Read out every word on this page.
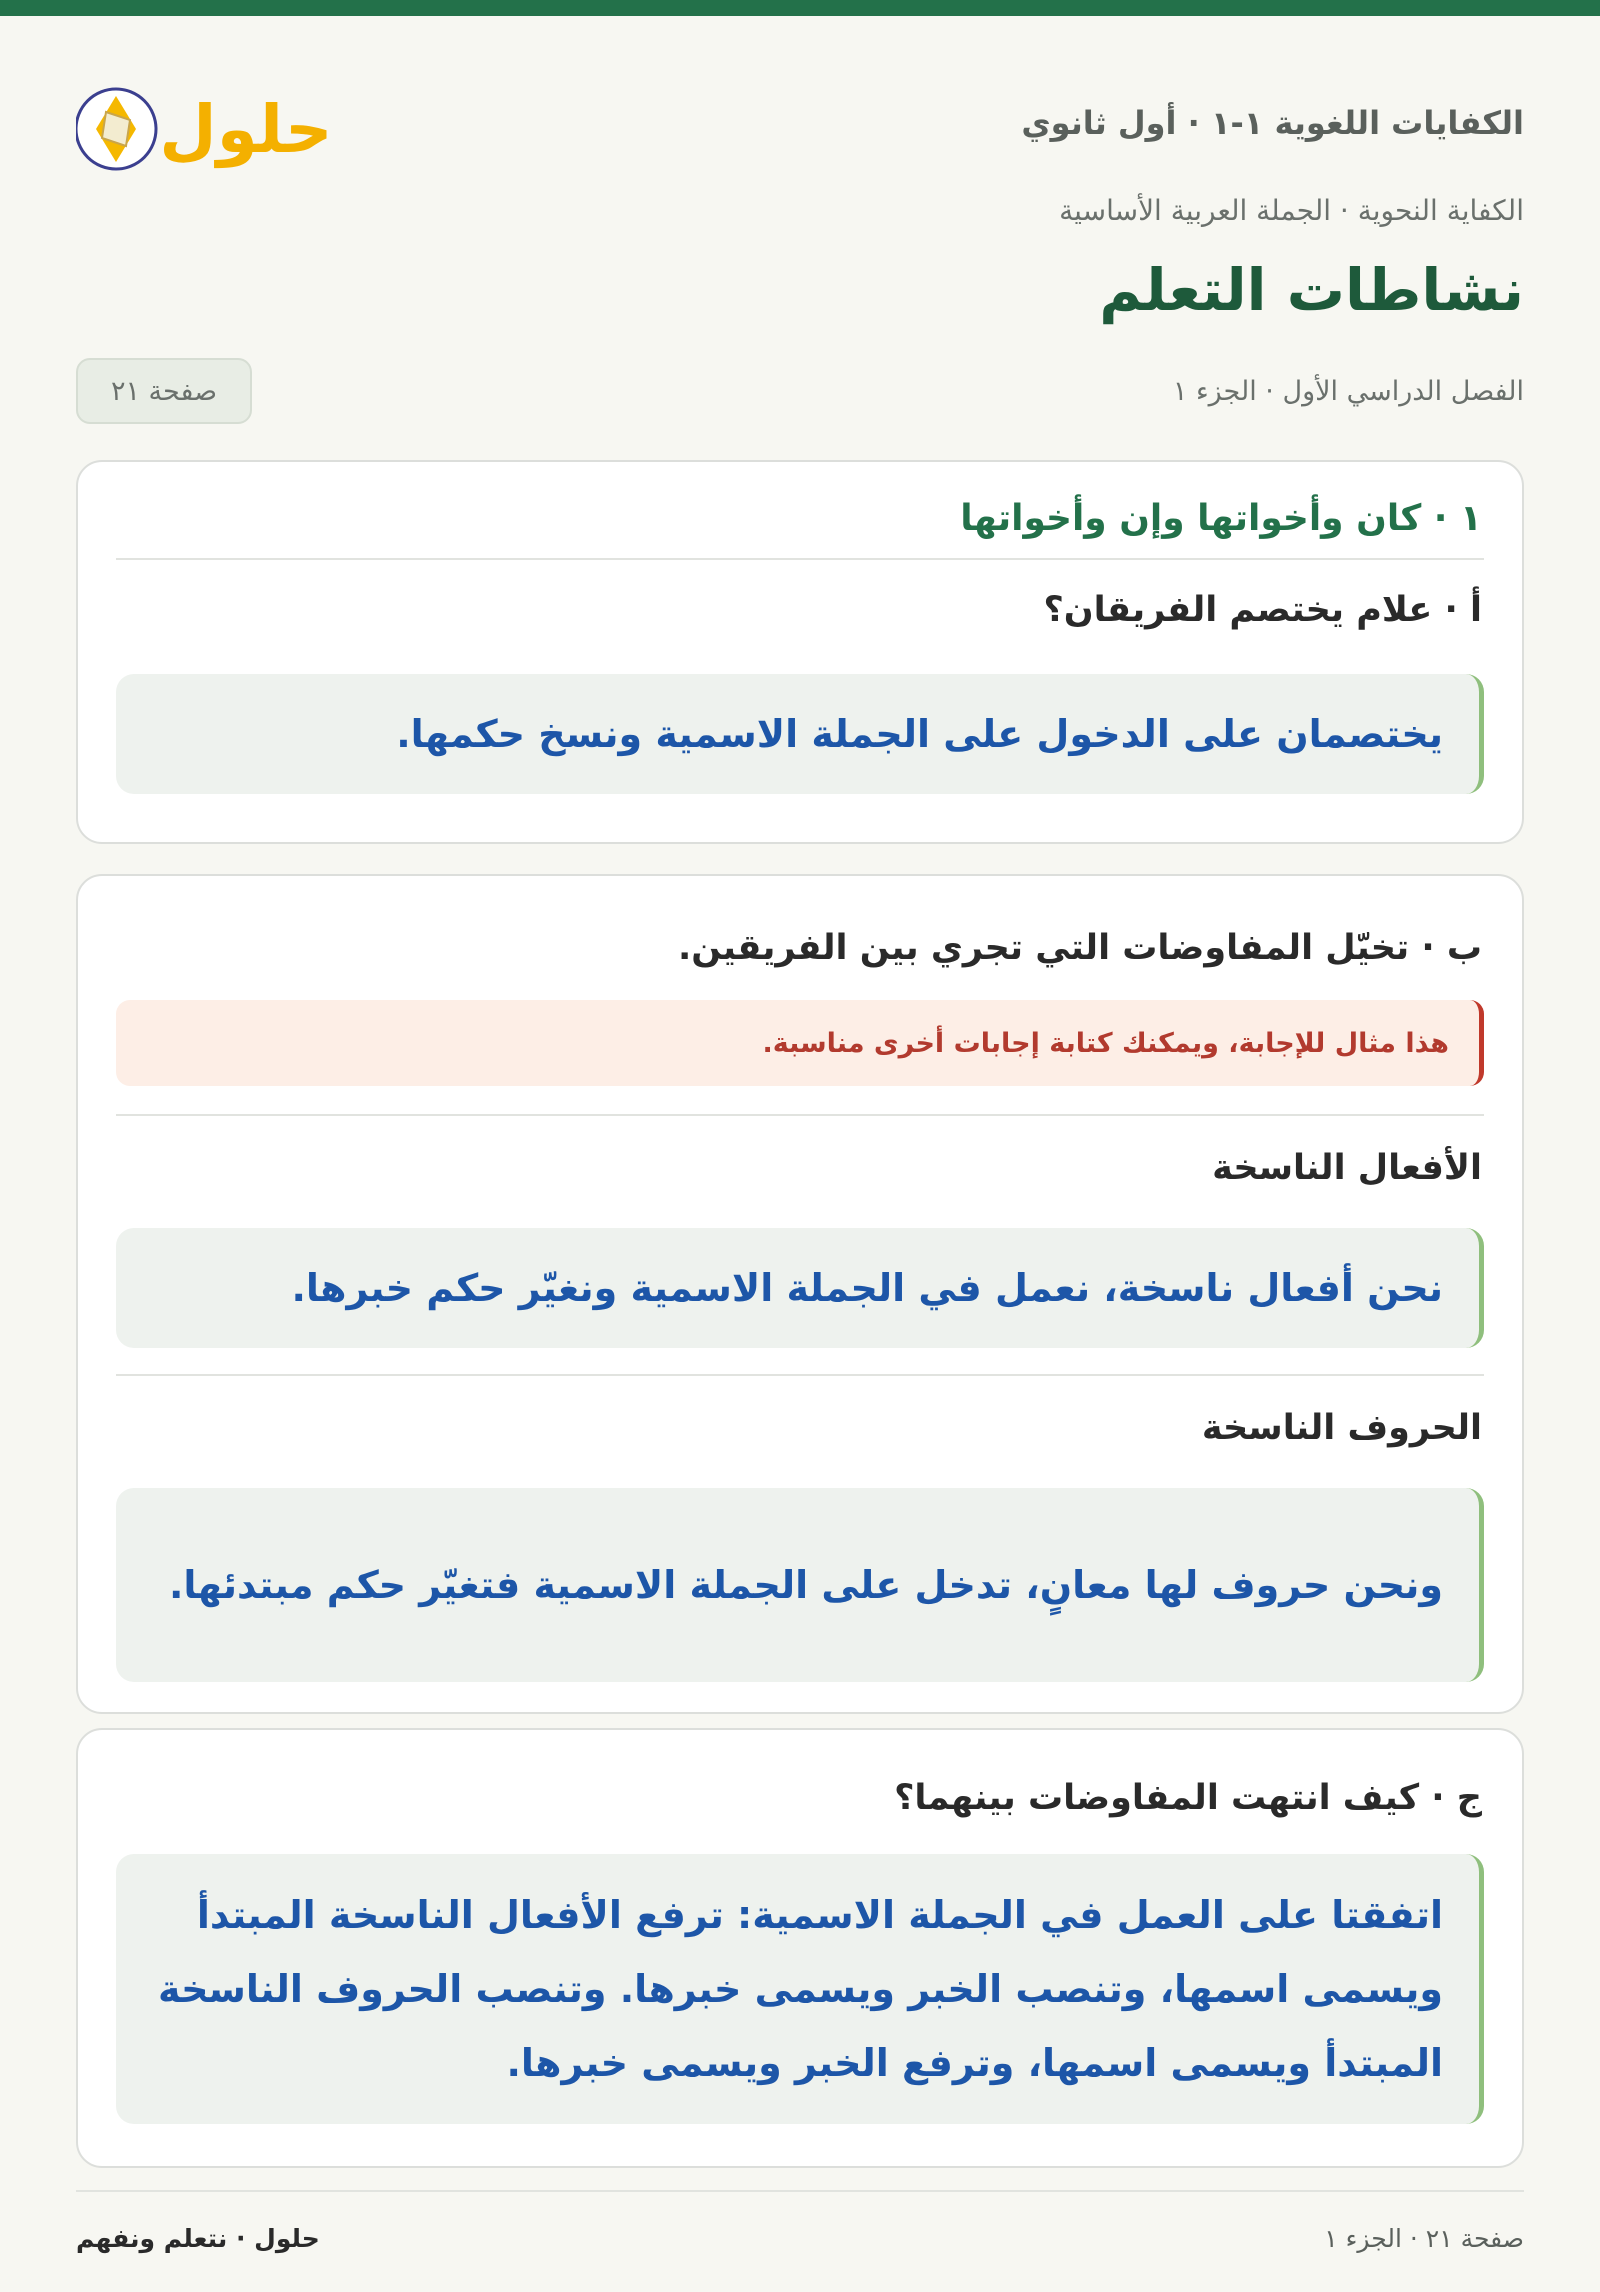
الكفايات اللغوية ١-١ · أول ثانوي
حلول
الكفاية النحوية · الجملة العربية الأساسية
نشاطات التعلم
الفصل الدراسي الأول · الجزء ١
صفحة ٢١
١ · كان وأخواتها وإن وأخواتها
أ · علام يختصم الفريقان؟
يختصمان على الدخول على الجملة الاسمية ونسخ حكمها.
ب · تخيّل المفاوضات التي تجري بين الفريقين.
هذا مثال للإجابة، ويمكنك كتابة إجابات أخرى مناسبة.
الأفعال الناسخة
نحن أفعال ناسخة، نعمل في الجملة الاسمية ونغيّر حكم خبرها.
الحروف الناسخة
ونحن حروف لها معانٍ، تدخل على الجملة الاسمية فتغيّر حكم مبتدئها.
ج · كيف انتهت المفاوضات بينهما؟
اتفقتا على العمل في الجملة الاسمية: ترفع الأفعال الناسخة المبتدأ ويسمى اسمها، وتنصب الخبر ويسمى خبرها. وتنصب الحروف الناسخة المبتدأ ويسمى اسمها، وترفع الخبر ويسمى خبرها.
صفحة ٢١ · الجزء ١
حلول · نتعلم ونفهم
